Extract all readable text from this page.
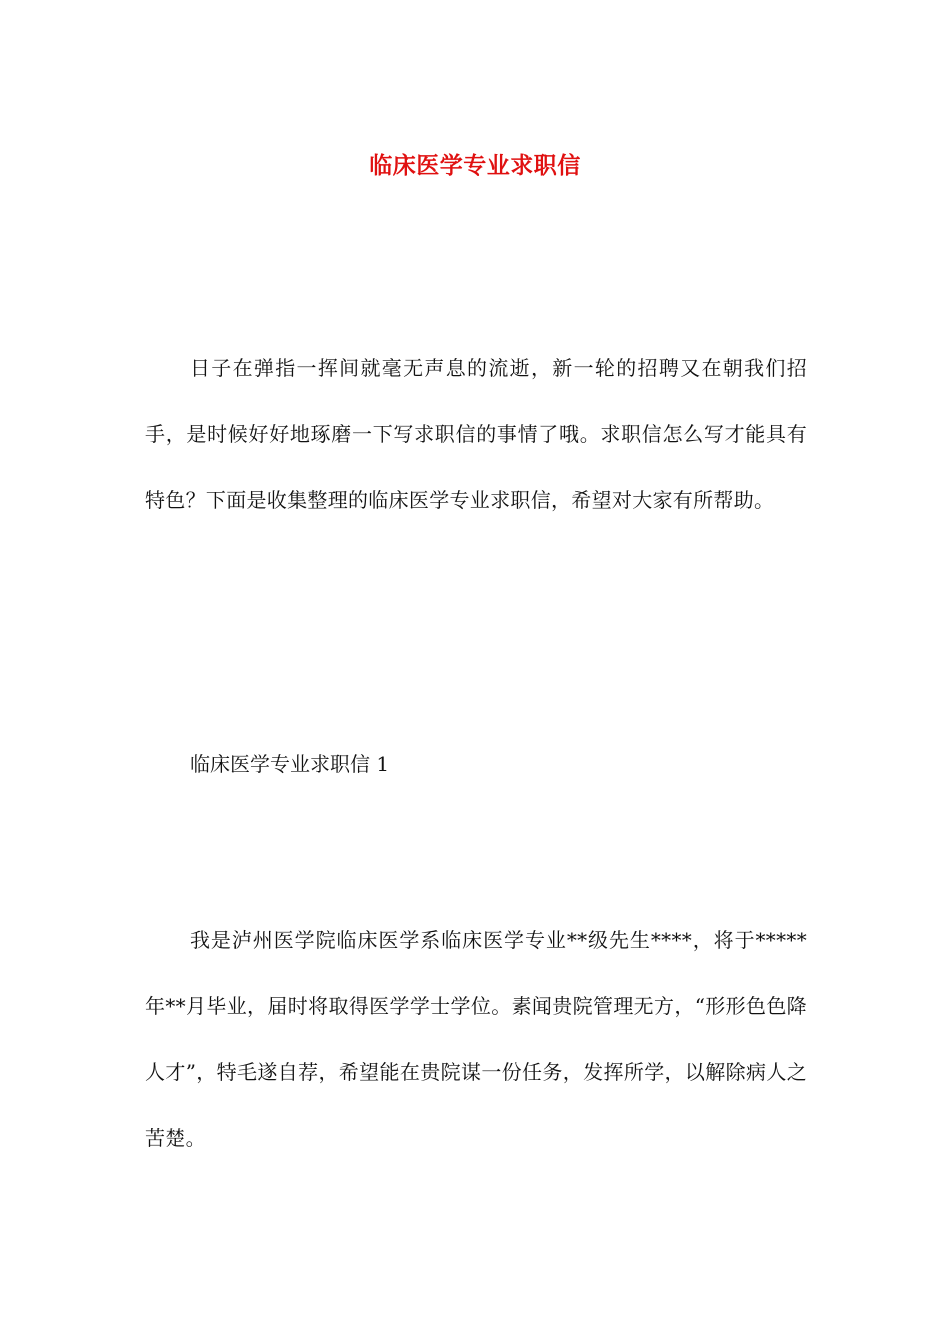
临床医学专业求职信

日子在弹指一挥间就毫无声息的流逝，新一轮的招聘又在朝我们招手，是时候好好地琢磨一下写求职信的事情了哦。求职信怎么写才能具有特色？下面是收集整理的临床医学专业求职信，希望对大家有所帮助。

临床医学专业求职信 1

我是泸州医学院临床医学系临床医学专业**级先生****，将于*****年**月毕业，届时将取得医学学士学位。素闻贵院管理无方，“形形色色降人才”，特毛遂自荐，希望能在贵院谋一份任务，发挥所学，以解除病人之苦楚。
